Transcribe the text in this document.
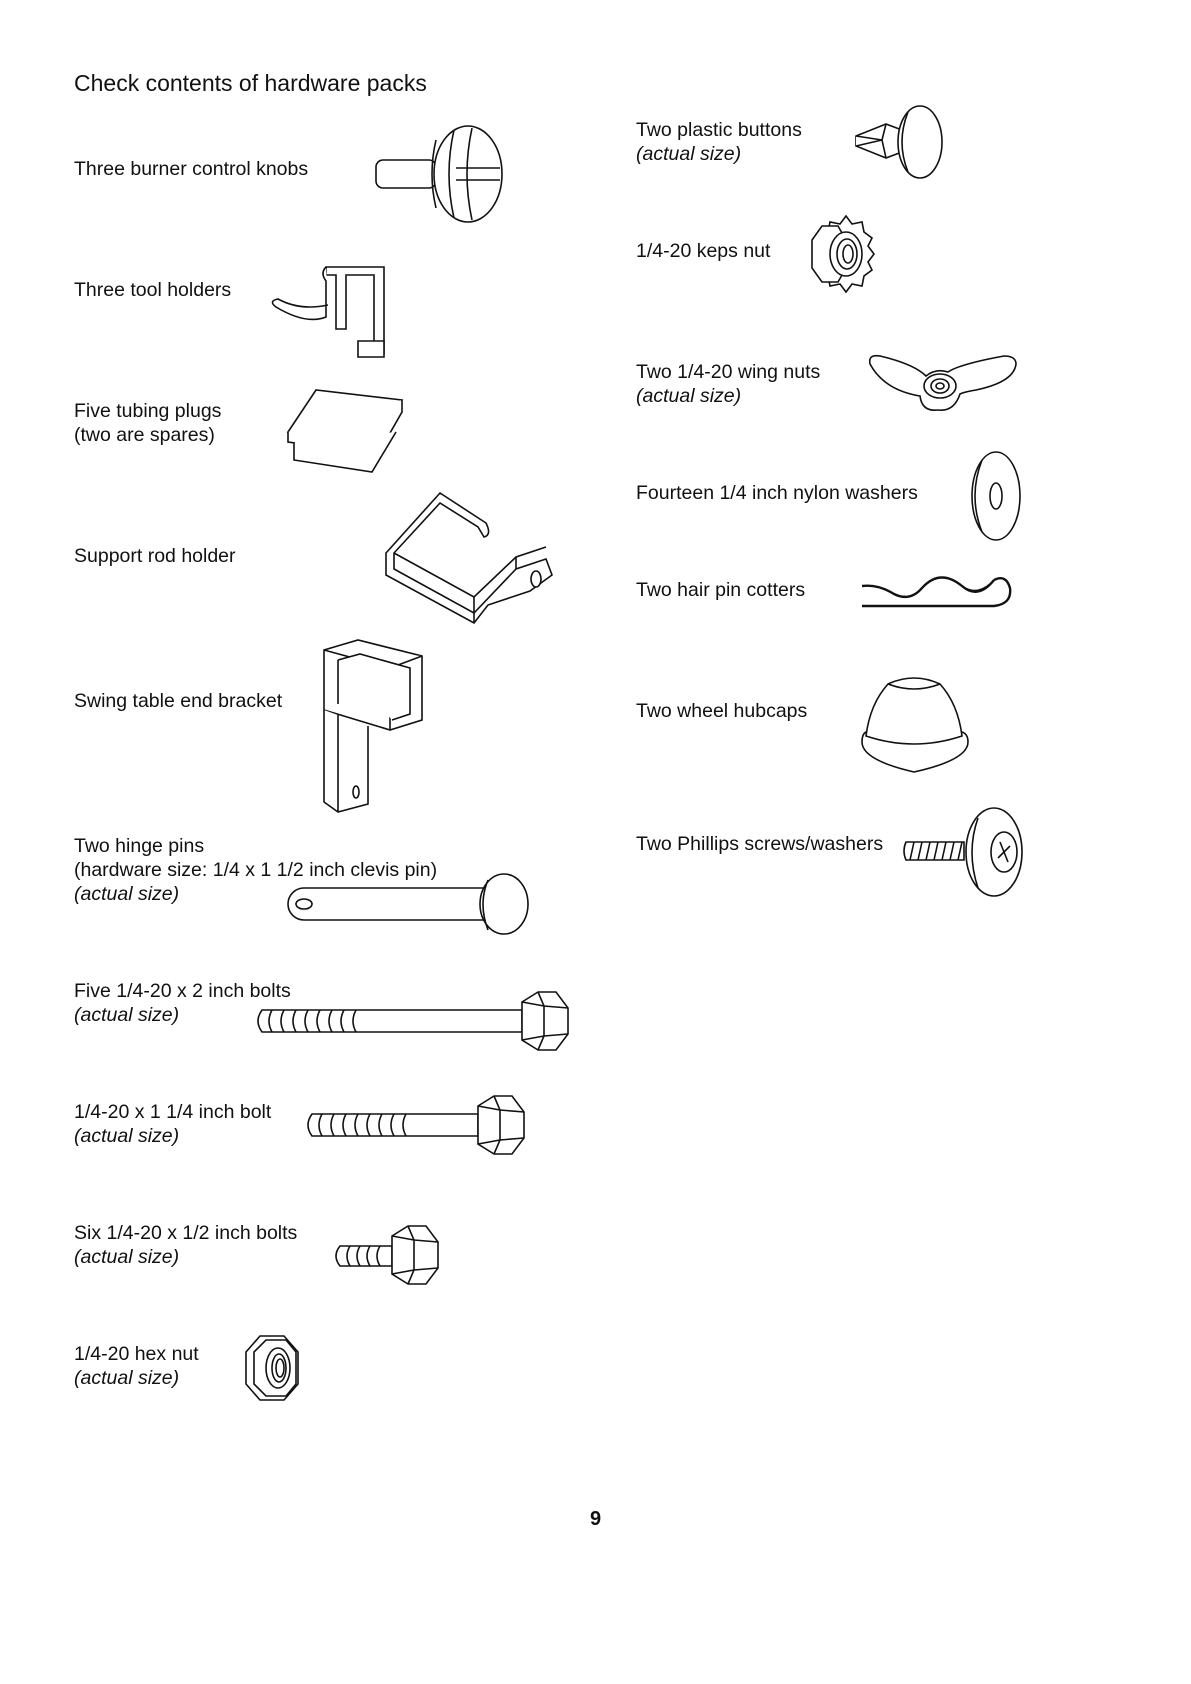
Check contents of hardware packs
Three burner control knobs
Three tool holders
Five tubing plugs
(two are spares)
Support rod holder
Swing table end bracket
Two hinge pins
(hardware size: 1/4 x 1 1/2 inch clevis pin)
(actual size)
Five 1/4-20 x 2 inch bolts
(actual size)
1/4-20 x 1 1/4 inch bolt
(actual size)
Six 1/4-20 x 1/2 inch bolts
(actual size)
1/4-20 hex nut
(actual size)
Two plastic buttons
(actual size)
1/4-20 keps nut
Two 1/4-20 wing nuts
(actual size)
Fourteen 1/4 inch nylon washers
Two hair pin cotters
Two wheel hubcaps
Two Phillips screws/washers
9
